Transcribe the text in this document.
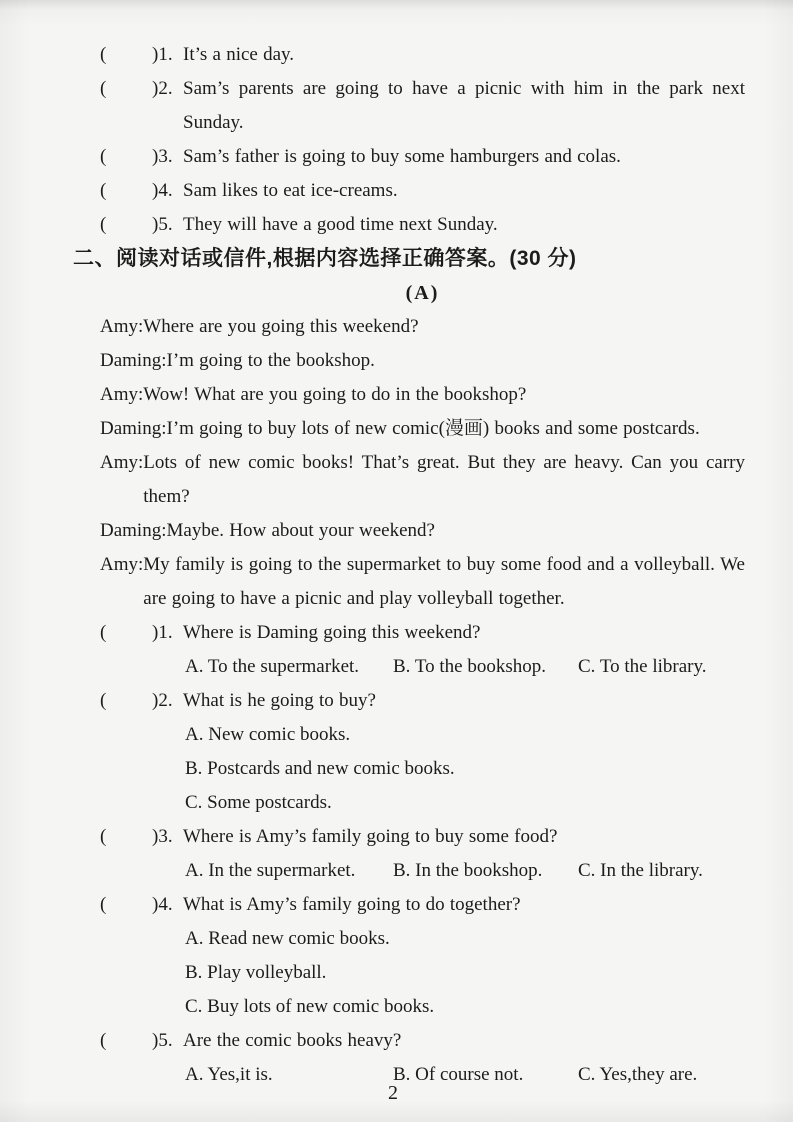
(	)1. It’s a nice day.
(	)2. Sam’s parents are going to have a picnic with him in the park next Sunday.
(	)3. Sam’s father is going to buy some hamburgers and colas.
(	)4. Sam likes to eat ice-creams.
(	)5. They will have a good time next Sunday.
二、阅读对话或信件,根据内容选择正确答案。(30 分)
(A)
Amy: Where are you going this weekend?
Daming: I’m going to the bookshop.
Amy: Wow! What are you going to do in the bookshop?
Daming: I’m going to buy lots of new comic(漫画) books and some postcards.
Amy: Lots of new comic books! That’s great. But they are heavy. Can you carry them?
Daming: Maybe. How about your weekend?
Amy: My family is going to the supermarket to buy some food and a volleyball. We are going to have a picnic and play volleyball together.
(	)1. Where is Daming going this weekend?
A. To the supermarket.	B. To the bookshop.	C. To the library.
(	)2. What is he going to buy?
A. New comic books.
B. Postcards and new comic books.
C. Some postcards.
(	)3. Where is Amy’s family going to buy some food?
A. In the supermarket.	B. In the bookshop.	C. In the library.
(	)4. What is Amy’s family going to do together?
A. Read new comic books.
B. Play volleyball.
C. Buy lots of new comic books.
(	)5. Are the comic books heavy?
A. Yes,it is.	B. Of course not.	C. Yes,they are.
2
